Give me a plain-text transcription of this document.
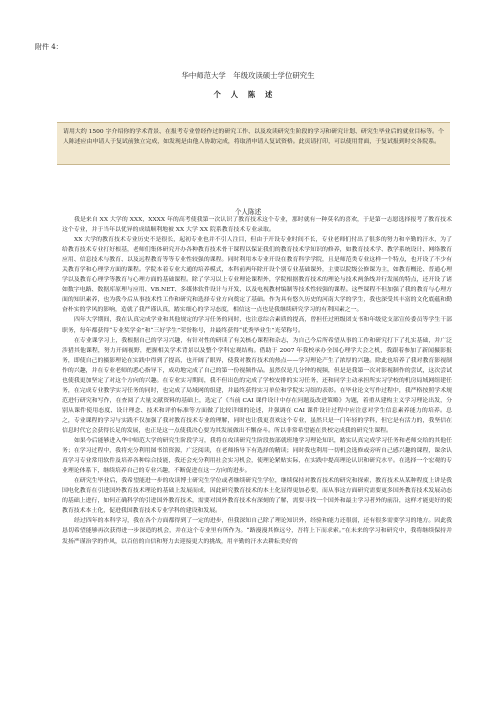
附件 4：
华中师范大学　年级攻读硕士学位研究生
个人陈述
请用大约 1500 字介绍你的学术背景、在报考专业曾经作过的研究工作、以及攻读研究生阶段的学习和研究计划、研究生毕业后的就业目标等。个人陈述应由申请人于复试前独立完成，如发现是由他人协助完成，将取消申请人复试资格。此页请打印，可以使用背面，于复试报到时交各院系。
个人陈述

我是来自 XX 大学的 XXX，XXXX 年的高考使我第一次认识了教育技术这个专业，那时就有一种莫名的喜欢，于是第一志愿选择报考了教育技术这个专业，并于当年以优异的成绩顺利地被 XX 大学 XX 院系教育技术专业录取。

XX 大学的教育技术专业历史不是很长，起初专业也并不引人注目，但由于开设专业时间不长，专业老师们付出了很多的努力和辛勤的汗水，为了给教育技术专业打好根基，老师们集体研究开办各种教育技术骨干课程以保证我们的教育技术学知识的修养，如教育技术学、教学系统设计、网络教育应用、信息技术与教育、以及远程教育等等专业性较强的课程。同时利用本专业开设在教育科学学院，且是师范类专业这样一个特点，也开设了不少有关教育学和心理学方面的课程。学院本着专业大通的培养模式，本科前两年除开设个别专业基础课外，主要以院级公修课为主，如教育概论、普通心理学以及教育心理学等教育与心理方面的基础课程。除了学习以上专业理论课程外，学院根据教育技术的理论与技术两条线并行发展的特点，还开设了诸如数字电路、数据库原理与应用、VB.NET、多媒体软件设计与开发、以及电视教材编制等技术性较强的课程。这些课程不但加强了我的教育与心理方面的知识素养，也为我今后从事技术性工作和研究和选择专业方向奠定了基础。作为具有悠久历史的河南大学的学生，我也深受其丰富的文化底蕴和勤奋朴实的学风的影响，造就了我严谨认真，踏实细心的学习态度，相信这一点也是我继续研究学习的有利因素之一。

四年大学期间，我在认真完成学业和其他规定的学习任务的同时，也注意综合素质的提高，曾担任过班级团支书和年级党支部宣传委员等学生干部职务，每年都获得“专业奖学金”和“三好学生”荣誉称号，并最终获得“优秀毕业生”光荣称号。

在专业课学习上，我根据自己的学习兴趣，有针对性的研读了有关核心课程和杂志，为自己今后所希望从事的工作和研究打下了扎实基础，并广泛涉猎其他课程，努力开阔视野，把握相关学术背景以及整个学科宏观结构。借助于 2007 年我校承办全国心理学大会之机，我跟着参加了新闻摄影报务，即使自己的摄影理论在实践中得到了提高，也开阔了眼界，使我对教育技术的热点——学习理论产生了浓厚的兴趣。除此也培养了我对教育影视制作的兴趣，并在专业老师的悉心指导下，成功地完成了自己的第一份视频作品。虽然仅是几分钟的视频，但是是我第一次对影视制作的尝试，这次尝试也使我更加坚定了对这个方向的兴趣。在专业实习期间，我不但出色的完成了学校安排的实习任务，还和同学主动承担所实习学校的机房局域网组建任务，在完成专业教学实习任务的同时，也完成了局域网的组建，并最终获得实习单位和学院实习组的表彰。在毕业论文写作过程中，我严格按照学术规范进行研究和写作，在查阅了大量文献资料的基础上，选定了《当前 CAI 课件设计中存在问题及改进策略》为题，着重从建构主义学习理论出发，分别从课件使用态度、设计理念、技术和评价标准等方面做了比较详细的论述，并强调在 CAI 课件设计过程中应注意对学生信息素养能力的培养。总之，专业课程的学习与实践不仅加强了我对教育技术专业的理解，同时也让我更喜欢这个专业，虽然只是一门年轻的学科，但它是有活力的，我坚信在信息时代它会获得长足的发展，也正是这一点使我决心要为其发展做出不懈奋斗。所以非常希望能在贵校完成我的研究生课程。

如果今后能够进入华中师范大学的研究生阶段学习，我将在攻读研究生阶段按部就班地学习理论知识，踏实认真完成学习任务和老师交给的其他任务；在学习过程中，我将充分利用图书馆资源，广泛阅读，在老师指导下有选择的精读；同时我也利用一切机会选修或旁听自己感兴趣的课程，课余认真学习专业常用软件及培养各种综合技能，我还会充分利用社会实习机会，使理论紧贴实际，在实践中提高理论认识和研究水平。在选择一个宏观的专业理论体系下，继续培养自己的专业兴趣，不断促进在这一方向的进步。

在研究生毕业后，我希望能进一步的攻读博士研究生学位或者继续研究生学位，继续保持对教育技术的研究和探索，教育技术从某种程度上讲是我国电化教育在引进国外教育技术理论的基础上发展而成，因此研究教育技术的本土化显得更加必要，而从事这方面研究需要更多国外教育技术发展动态的基础上进行，如何正确科学的引进国外教育技术，需要对国外教育技术有深刻的了解，需要寻找一个国外和最主学习者外的前沿，这样才能更好的使教育技术本土化，促进我国教育技术专业学科的建设和发展。

经过四年的本科学习，我在各个方面都得到了一定的进步，但我深知自己除了理论知识外，经验和能力还很弱，还有很多需要学习的地方。因此我恳切希望能够再次获得进一步深造的机会，并在这个专业里有所作为。“路漫漫其修远兮，吾将上下而求索。”在未来的学习和研究中，我将继续保持并发扬严谨治学的作风，以百倍的自信和努力去迎接更大的挑战，用辛勤的汗水去耕耘美好的
